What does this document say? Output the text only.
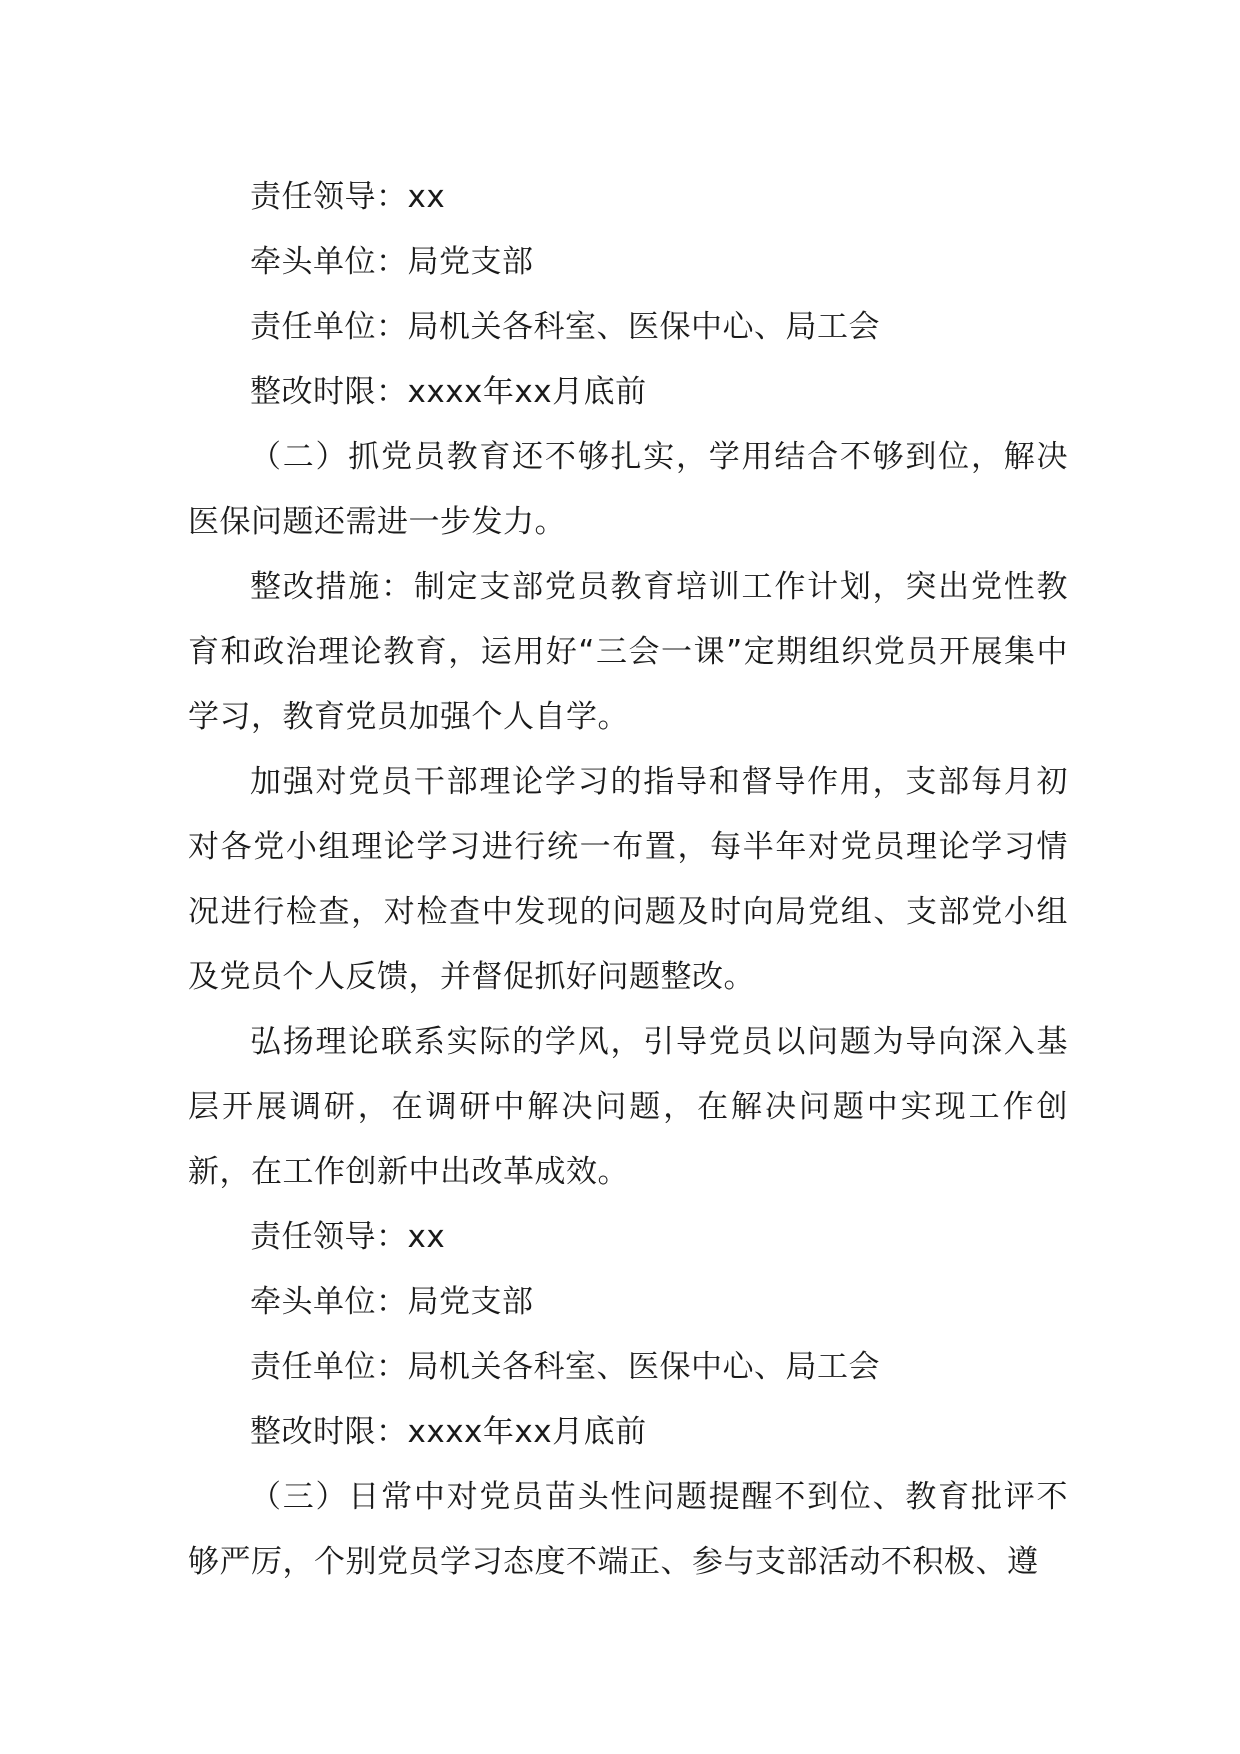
责任领导：xx

牵头单位：局党支部

责任单位：局机关各科室、医保中心、局工会

整改时限：xxxx年xx月底前

（二）抓党员教育还不够扎实，学用结合不够到位，解决医保问题还需进一步发力。

整改措施：制定支部党员教育培训工作计划，突出党性教育和政治理论教育，运用好“三会一课”定期组织党员开展集中学习，教育党员加强个人自学。

加强对党员干部理论学习的指导和督导作用，支部每月初对各党小组理论学习进行统一布置，每半年对党员理论学习情况进行检查，对检查中发现的问题及时向局党组、支部党小组及党员个人反馈，并督促抓好问题整改。

弘扬理论联系实际的学风，引导党员以问题为导向深入基层开展调研，在调研中解决问题，在解决问题中实现工作创新，在工作创新中出改革成效。

责任领导：xx

牵头单位：局党支部

责任单位：局机关各科室、医保中心、局工会

整改时限：xxxx年xx月底前

（三）日常中对党员苗头性问题提醒不到位、教育批评不够严厉，个别党员学习态度不端正、参与支部活动不积极、遵
